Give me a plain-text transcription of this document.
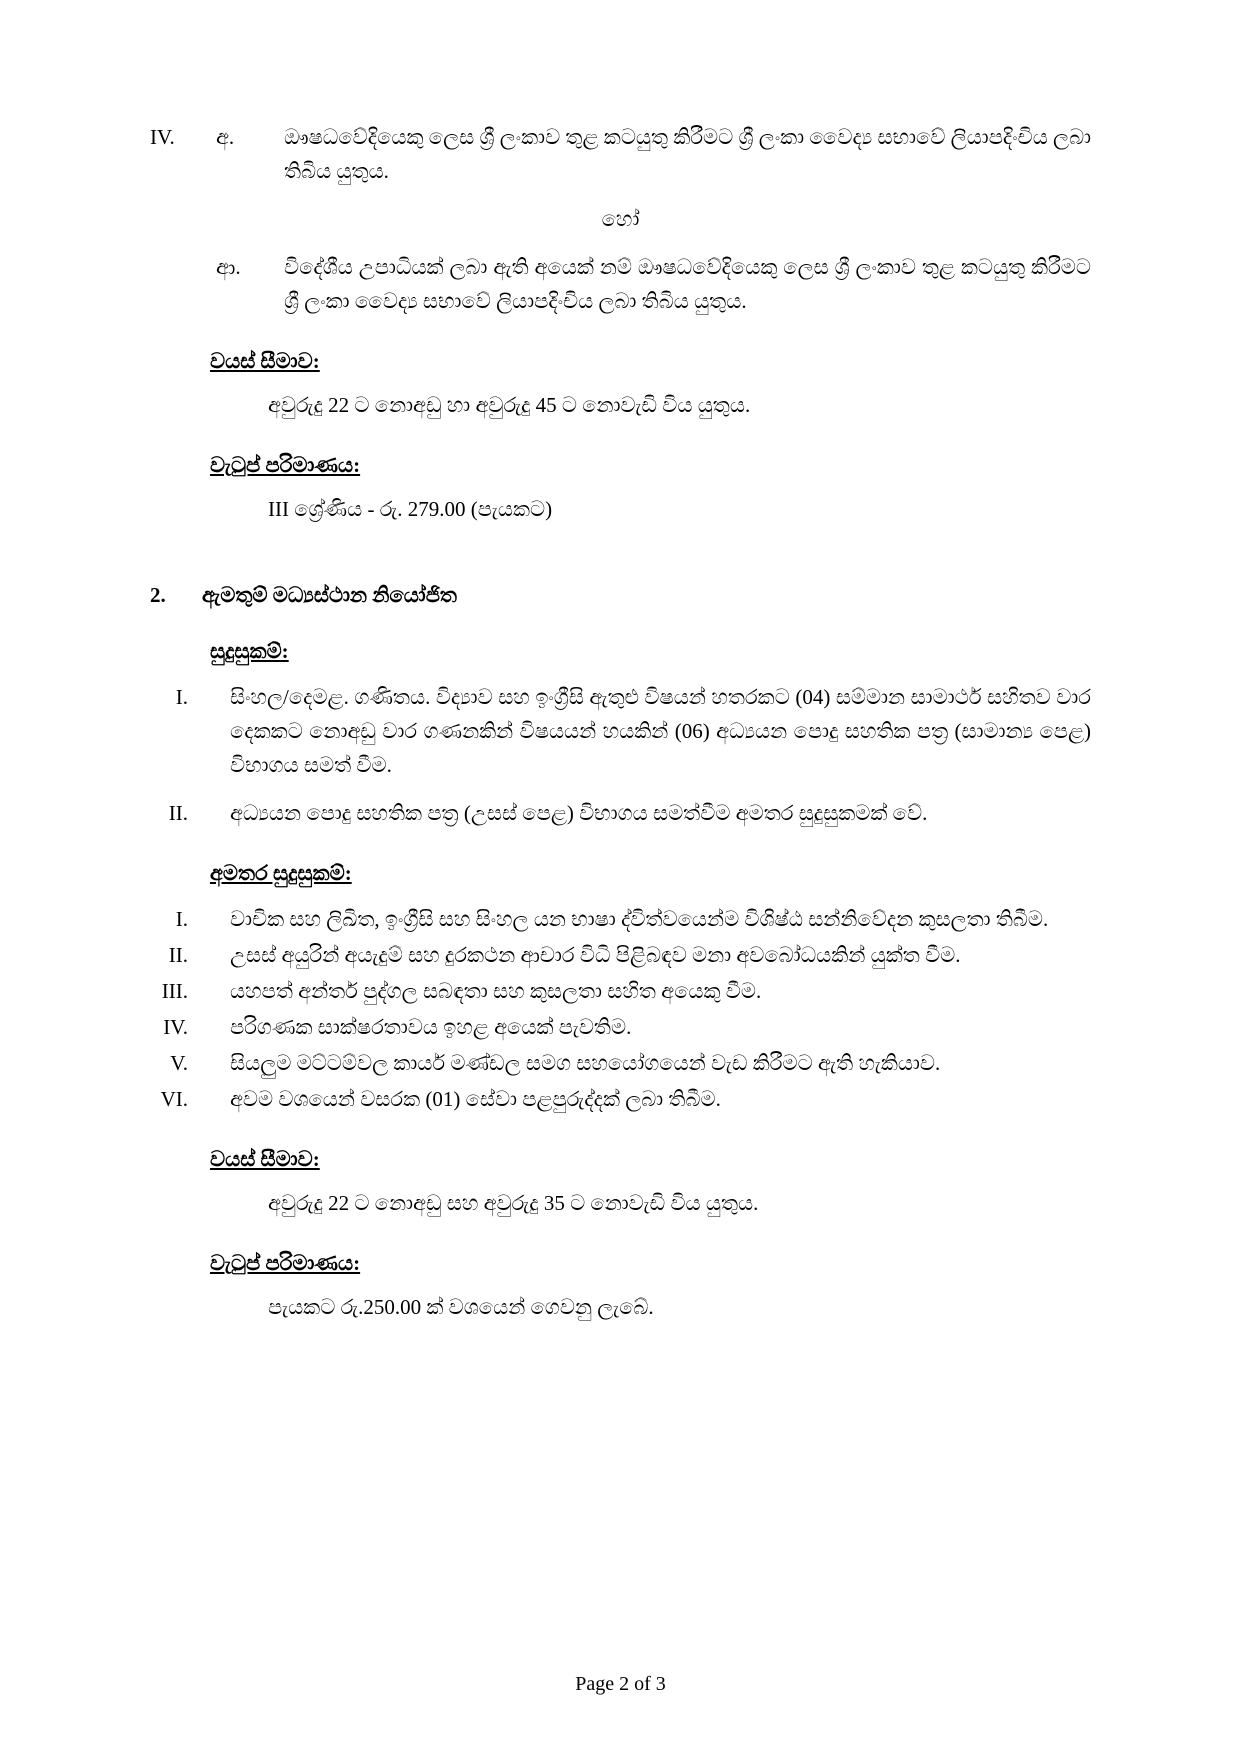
IV.	අ.	ඖෂධවේදියෙකු ලෙස ශ්‍රී ලංකාව තුළ කටයුතු කිරීමට ශ්‍රී ලංකා වෛද්‍ය සභාවේ ලියාපදිංචිය ලබා තිබිය යුතුය.
හෝ

ආ.	විදේශීය උපාධියක් ලබා ඇති අයෙක් නම් ඖෂධවේදියෙකු ලෙස ශ්‍රී ලංකාව තුළ කටයුතු කිරීමට ශ්‍රී ලංකා වෛද්‍ය සභාවේ ලියාපදිංචිය ලබා තිබිය යුතුය.
වයස් සීමාව:
අවුරුදු 22 ට නොඅඩු හා අවුරුදු 45 ට නොවැඩි විය යුතුය.
වැටුප් පරිමාණය:
III ශ්‍රේණිය - රු. 279.00 (පැයකට)
2.	ඇමතුම් මධ්‍යස්ථාන නියෝජිත
සුදුසුකම්:
I.	සිංහල/දෙමළ. ගණිතය. විද්‍යාව සහ ඉංග්‍රීසි ඇතුළු විෂයන් හතරකට (04) සම්මාන සාමාර්ථ සහිතව වාර දෙකකට නොඅඩු වාර ගණනකින් විෂයයන් හයකින් (06) අධ්‍යයන පොදු සහතික පත්‍ර (සාමාන්‍ය පෙළ) විභාගය සමත් වීම.
II.	අධ්‍යයන පොදු සහතික පත්‍ර (උසස් පෙළ) විභාගය සමත්වීම අමතර සුදුසුකමක් වේ.
අමතර සුදුසුකම්:
I.	වාචික සහ ලිඛිත, ඉංග්‍රීසි සහ සිංහල යන භාෂා ද්විත්වයෙන්ම විශිෂ්ඨ සන්නිවේදන කුසලතා තිබීම.
II.	උසස් අයුරින් අයැදුම් සහ දුරකථන ආචාර විධි පිළිබඳව මනා අවබෝධයකින් යුක්ත වීම.
III.	යහපත් අන්තර් පුද්ගල සබඳතා සහ කුසලතා සහිත අයෙකු වීම.
IV.	පරිගණක සාක්ෂරතාවය ඉහළ අයෙක් පැවතිම.
V.	සියලුම මට්ටම්වල කාර්ය මණ්ඩල සමග සහයෝගයෙන් වැඩ කිරීමට ඇති හැකියාව.
VI.	අවම වශයෙන් වසරක (01) සේවා පළපුරුද්දක් ලබා තිබීම.
වයස් සීමාව:
අවුරුදු 22 ට නොඅඩු සහ අවුරුදු 35 ට නොවැඩි විය යුතුය.
වැටුප් පරිමාණය:
පැයකට රු.250.00 ක් වශයෙන් ගෙවනු ලැබේ.
Page 2 of 3
